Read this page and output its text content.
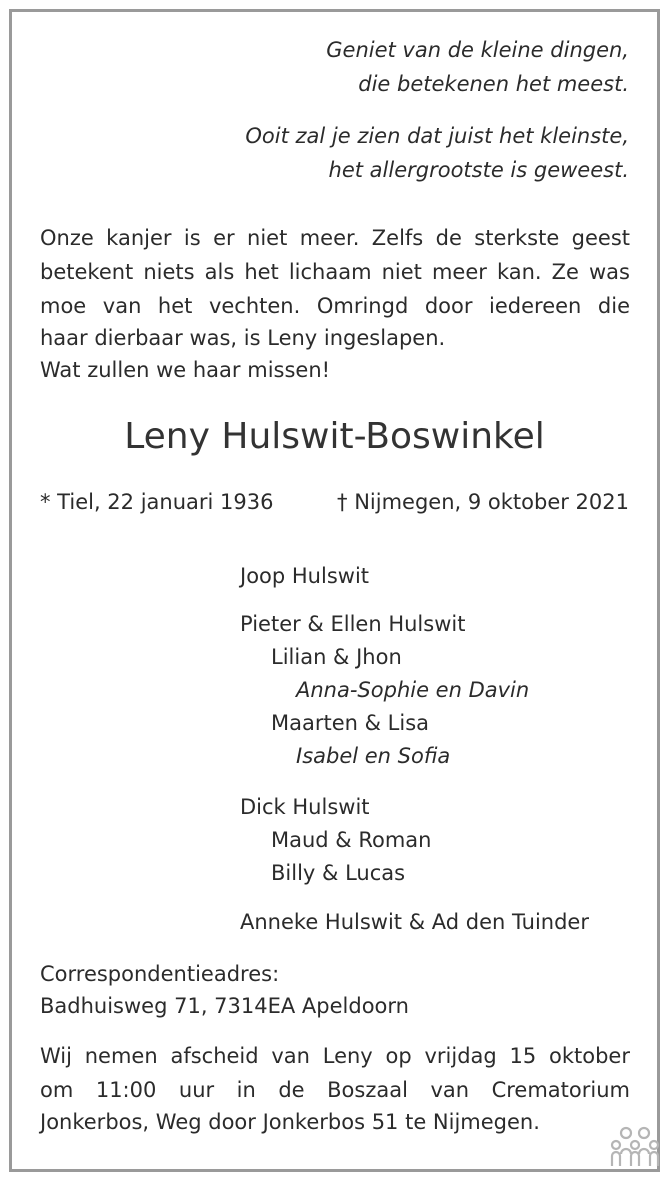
Geniet van de kleine dingen,
die betekenen het meest.
Ooit zal je zien dat juist het kleinste,
het allergrootste is geweest.
Onze kanjer is er niet meer. Zelfs de sterkste geest
betekent niets als het lichaam niet meer kan. Ze was
moe van het vechten. Omringd door iedereen die
haar dierbaar was, is Leny ingeslapen.
Wat zullen we haar missen!
Leny Hulswit-Boswinkel
* Tiel, 22 januari 1936	† Nijmegen, 9 oktober 2021
Joop Hulswit
Pieter & Ellen Hulswit
Lilian & Jhon
Anna-Sophie en Davin
Maarten & Lisa
Isabel en Sofia
Dick Hulswit
Maud & Roman
Billy & Lucas
Anneke Hulswit & Ad den Tuinder
Correspondentieadres:
Badhuisweg 71, 7314EA Apeldoorn
Wij nemen afscheid van Leny op vrijdag 15 oktober
om 11:00 uur in de Boszaal van Crematorium
Jonkerbos, Weg door Jonkerbos 51 te Nijmegen.
